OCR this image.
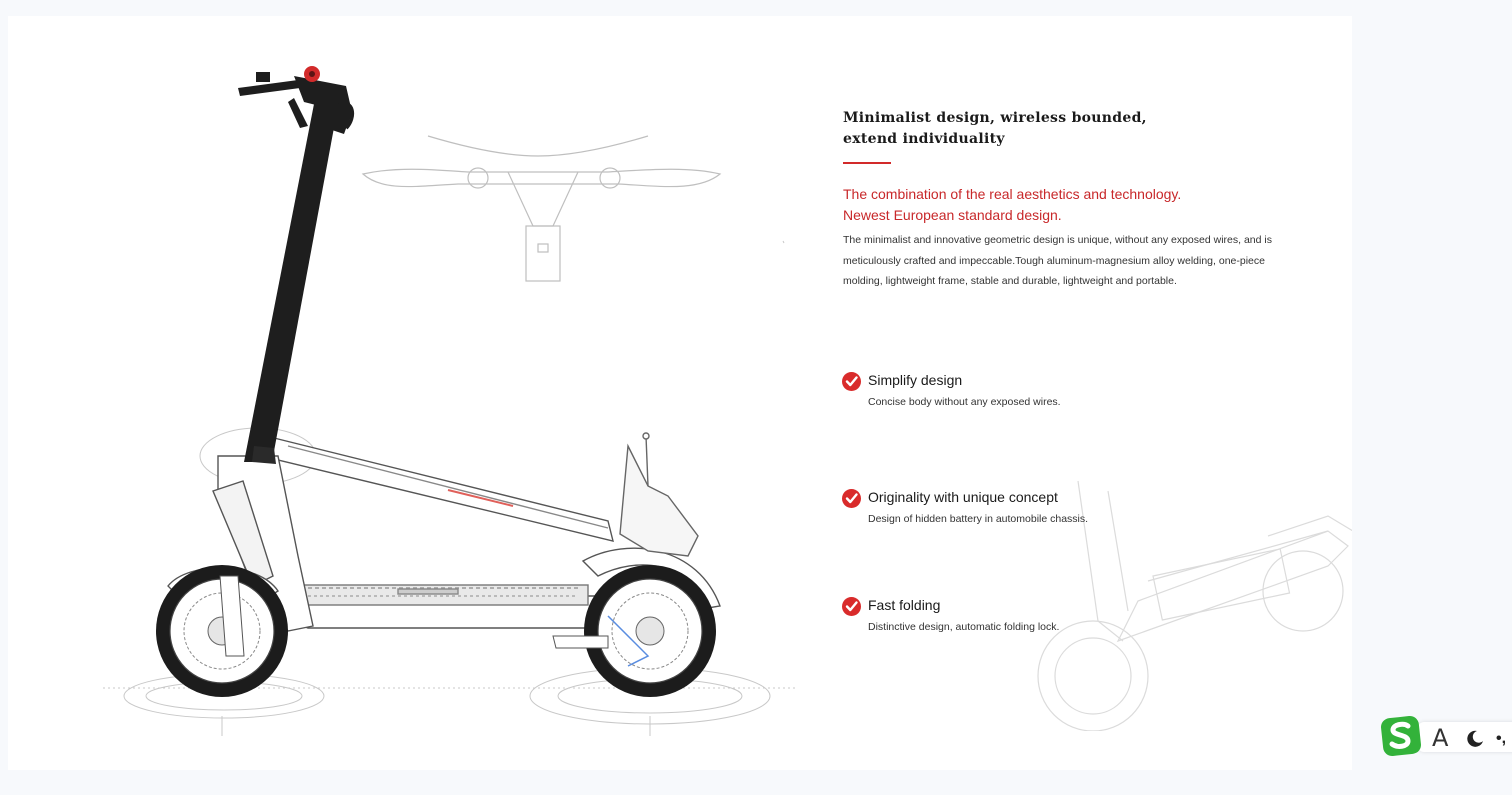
Minimalist design, wireless bounded,
extend individuality

The combination of the real aesthetics and technology.
Newest European standard design.

The minimalist and innovative geometric design is unique, without any exposed wires, and is meticulously crafted and impeccable.Tough aluminum-magnesium alloy welding, one-piece molding, lightweight frame, stable and durable, lightweight and portable.

Simplify design
Concise body without any exposed wires.
Originality with unique concept
Design of hidden battery in automobile chassis.
Fast folding
Distinctive design, automatic folding lock.
A	•,
